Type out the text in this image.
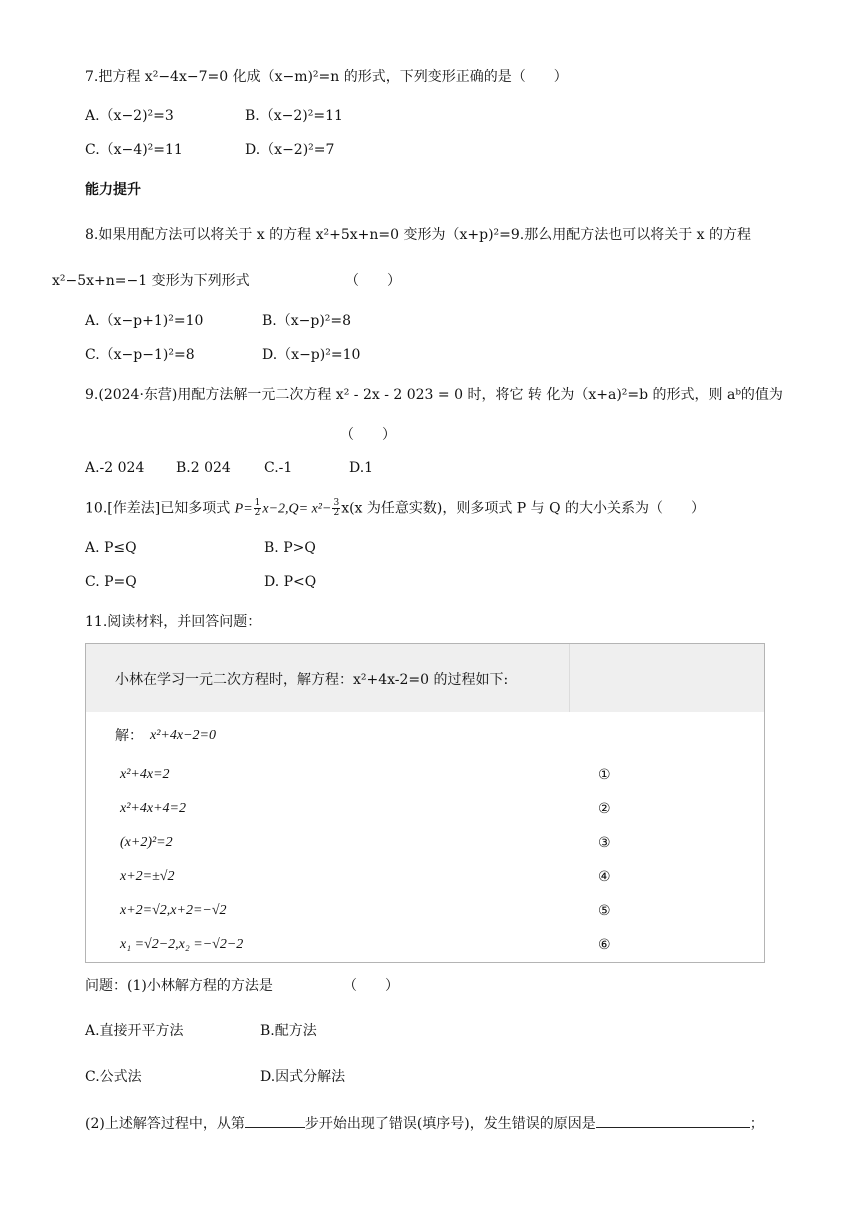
7.把方程 x²−4x−7=0 化成（x−m)²=n 的形式，下列变形正确的是（　　）
A.（x−2)²=3	B.（x−2)²=11
C.（x−4)²=11	D.（x−2)²=7
能力提升
8.如果用配方法可以将关于 x 的方程 x²+5x+n=0 变形为（x+p)²=9.那么用配方法也可以将关于 x 的方程
x²−5x+n=−1 变形为下列形式	（　　）
A.（x−p+1)²=10	B.（x−p)²=8
C.（x−p−1)²=8	D.（x−p)²=10
9.(2024·东营)用配方法解一元二次方程 x² - 2x - 2 023 = 0 时，将它 转 化为（x+a)²=b 的形式，则 aᵇ的值为
（　　）
A.-2 024 B.2 024 C.-1	D.1
10.[作差法]已知多项式 $P= \frac{1}{2} x-2,Q= x^2- \frac{3}{2} x(x$ 为任意实数)，则多项式 P 与 Q 的大小关系为（　　）
A. P≤Q	B. P>Q
C. P=Q	D. P<Q
11.阅读材料，并回答问题：
小林在学习一元二次方程时，解方程：x²+4x-2=0 的过程如下:
解： x²+4x−2=0
x²+4x=2	①
x²+4x+4=2	②
(x+2)²=2	③
x+2=±√2	④
x+2=√2,x+2=−√2	⑤
x₁ =√2−2,x₂ =−√2−2	⑥
问题：(1)小林解方程的方法是	（　　）
A.直接开平方法	B.配方法
C.公式法	D.因式分解法
(2)上述解答过程中，从第	步开始出现了错误(填序号)，发生错误的原因是	；
